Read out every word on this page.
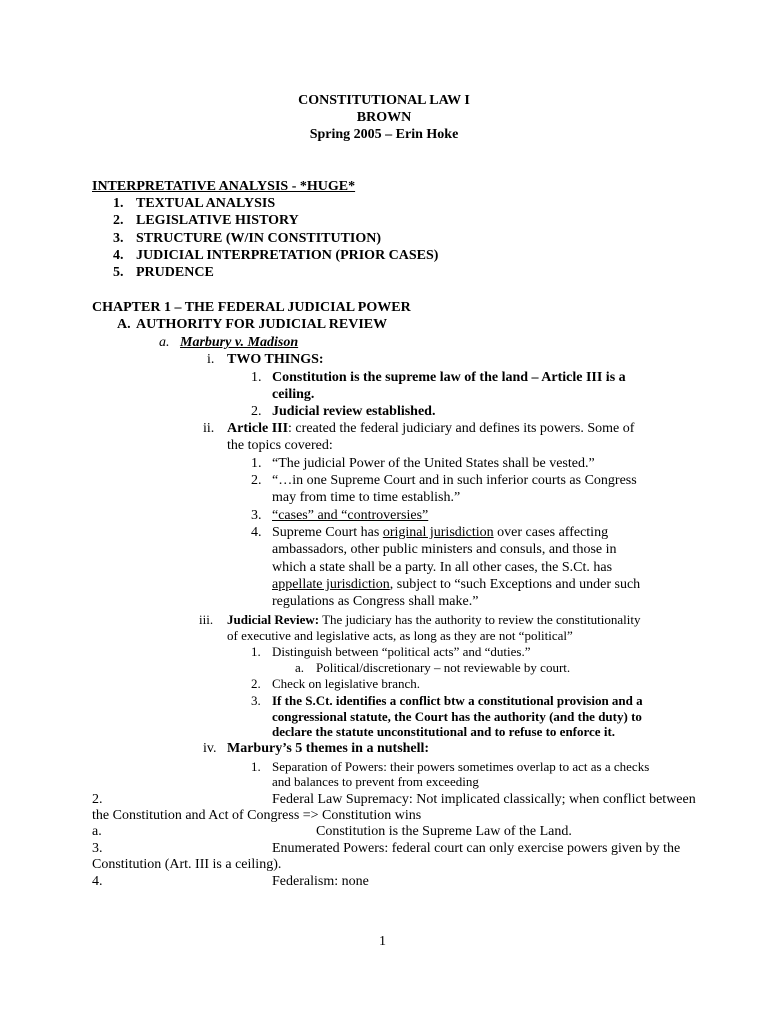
CONSTITUTIONAL LAW I
BROWN
Spring 2005 – Erin Hoke
INTERPRETATIVE ANALYSIS - *HUGE*
1. TEXTUAL ANALYSIS
2. LEGISLATIVE HISTORY
3. STRUCTURE (W/IN CONSTITUTION)
4. JUDICIAL INTERPRETATION (PRIOR CASES)
5. PRUDENCE
CHAPTER 1 – THE FEDERAL JUDICIAL POWER
A. AUTHORITY FOR JUDICIAL REVIEW
a. Marbury v. Madison
i. TWO THINGS:
1. Constitution is the supreme law of the land – Article III is a
ceiling.
2. Judicial review established.
ii. Article III: created the federal judiciary and defines its powers. Some of
the topics covered:
1. “The judicial Power of the United States shall be vested.”
2. “…in one Supreme Court and in such inferior courts as Congress
may from time to time establish.”
3. “cases” and “controversies”
4. Supreme Court has original jurisdiction over cases affecting
ambassadors, other public ministers and consuls, and those in
which a state shall be a party. In all other cases, the S.Ct. has
appellate jurisdiction, subject to “such Exceptions and under such
regulations as Congress shall make.”
iii. Judicial Review: The judiciary has the authority to review the constitutionality
of executive and legislative acts, as long as they are not “political”
1. Distinguish between “political acts” and “duties.”
a. Political/discretionary – not reviewable by court.
2. Check on legislative branch.
3. If the S.Ct. identifies a conflict btw a constitutional provision and a
congressional statute, the Court has the authority (and the duty) to
declare the statute unconstitutional and to refuse to enforce it.
iv. Marbury’s 5 themes in a nutshell:
1. Separation of Powers: their powers sometimes overlap to act as a checks
and balances to prevent from exceeding
2.	Federal Law Supremacy: Not implicated classically; when conflict between
the Constitution and Act of Congress => Constitution wins
a.	Constitution is the Supreme Law of the Land.
3.	Enumerated Powers: federal court can only exercise powers given by the
Constitution (Art. III is a ceiling).
4.	Federalism: none
1
